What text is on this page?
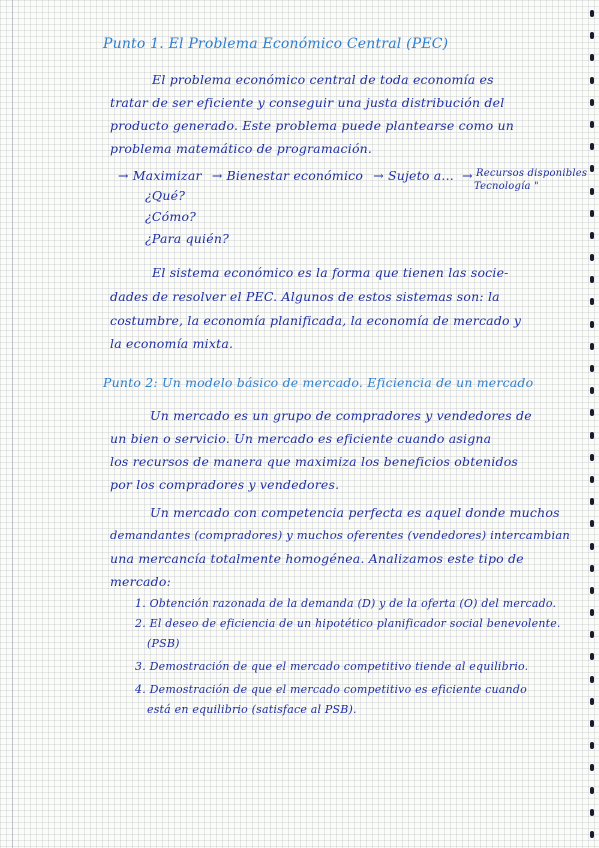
Punto 1. El Problema Económico Central (PEC)
El problema económico central de toda economía es
tratar de ser eficiente y conseguir una justa distribución del
producto generado. Este problema puede plantearse como un
problema matemático de programación.
→ Maximizar → Bienestar económico → Sujeto a... → Recursos disponibles
Tecnología "
¿Qué?
¿Cómo?
¿Para quién?
El sistema económico es la forma que tienen las socie-
dades de resolver el PEC. Algunos de estos sistemas son: la
costumbre, la economía planificada, la economía de mercado y
la economía mixta.
Punto 2: Un modelo básico de mercado. Eficiencia de un mercado
Un mercado es un grupo de compradores y vendedores de
un bien o servicio. Un mercado es eficiente cuando asigna
los recursos de manera que maximiza los beneficios obtenidos
por los compradores y vendedores.
Un mercado con competencia perfecta es aquel donde muchos
demandantes (compradores) y muchos oferentes (vendedores) intercambian
una mercancía totalmente homogénea. Analizamos este tipo de
mercado:
1. Obtención razonada de la demanda (D) y de la oferta (O) del mercado.
2. El deseo de eficiencia de un hipotético planificador social benevolente.
(PSB)
3. Demostración de que el mercado competitivo tiende al equilibrio.
4. Demostración de que el mercado competitivo es eficiente cuando
está en equilibrio (satisface al PSB).
